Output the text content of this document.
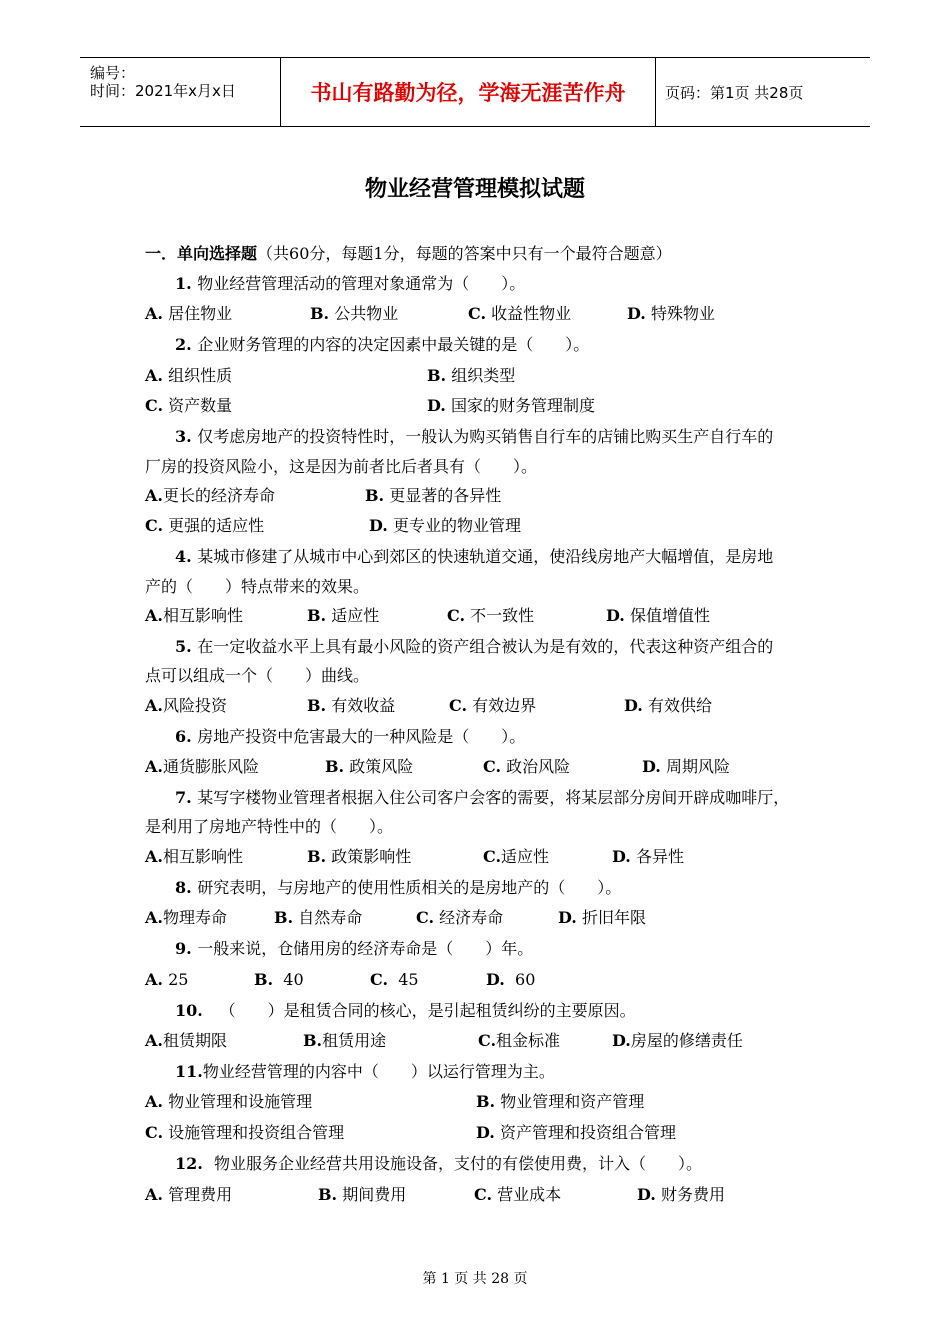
编号：
时间：2021年x月x日	书山有路勤为径，学海无涯苦作舟	页码：第1页 共28页
物业经营管理模拟试题
一．单向选择题（共60分，每题1分，每题的答案中只有一个最符合题意）
1. 物业经营管理活动的管理对象通常为（　　）。
A. 居住物业	B. 公共物业	C. 收益性物业	D. 特殊物业
2. 企业财务管理的内容的决定因素中最关键的是（　　）。
A. 组织性质	B. 组织类型
C. 资产数量	D. 国家的财务管理制度
3. 仅考虑房地产的投资特性时，一般认为购买销售自行车的店铺比购买生产自行车的
厂房的投资风险小，这是因为前者比后者具有（　　）。
A.更长的经济寿命	B. 更显著的各异性
C. 更强的适应性	D. 更专业的物业管理
4. 某城市修建了从城市中心到郊区的快速轨道交通，使沿线房地产大幅增值，是房地
产的（　　）特点带来的效果。
A.相互影响性	B. 适应性	C. 不一致性	D. 保值增值性
5. 在一定收益水平上具有最小风险的资产组合被认为是有效的，代表这种资产组合的
点可以组成一个（　　）曲线。
A.风险投资	B. 有效收益	C. 有效边界	D. 有效供给
6. 房地产投资中危害最大的一种风险是（　　）。
A.通货膨胀风险	B. 政策风险	C. 政治风险	D. 周期风险
7. 某写字楼物业管理者根据入住公司客户会客的需要，将某层部分房间开辟成咖啡厅，
是利用了房地产特性中的（　　）。
A.相互影响性	B. 政策影响性	C.适应性	D. 各异性
8. 研究表明，与房地产的使用性质相关的是房地产的（　　）。
A.物理寿命	B. 自然寿命	C. 经济寿命	D. 折旧年限
9. 一般来说，仓储用房的经济寿命是（　　）年。
A. 25	B. 40	C. 45	D. 60
10. （　　）是租赁合同的核心，是引起租赁纠纷的主要原因。
A.租赁期限	B.租赁用途	C.租金标准	D.房屋的修缮责任
11.物业经营管理的内容中（　　）以运行管理为主。
A. 物业管理和设施管理	B. 物业管理和资产管理
C. 设施管理和投资组合管理	D. 资产管理和投资组合管理
12. 物业服务企业经营共用设施设备，支付的有偿使用费，计入（　　）。
A. 管理费用	B. 期间费用	C. 营业成本	D. 财务费用
第 1 页 共 28 页
